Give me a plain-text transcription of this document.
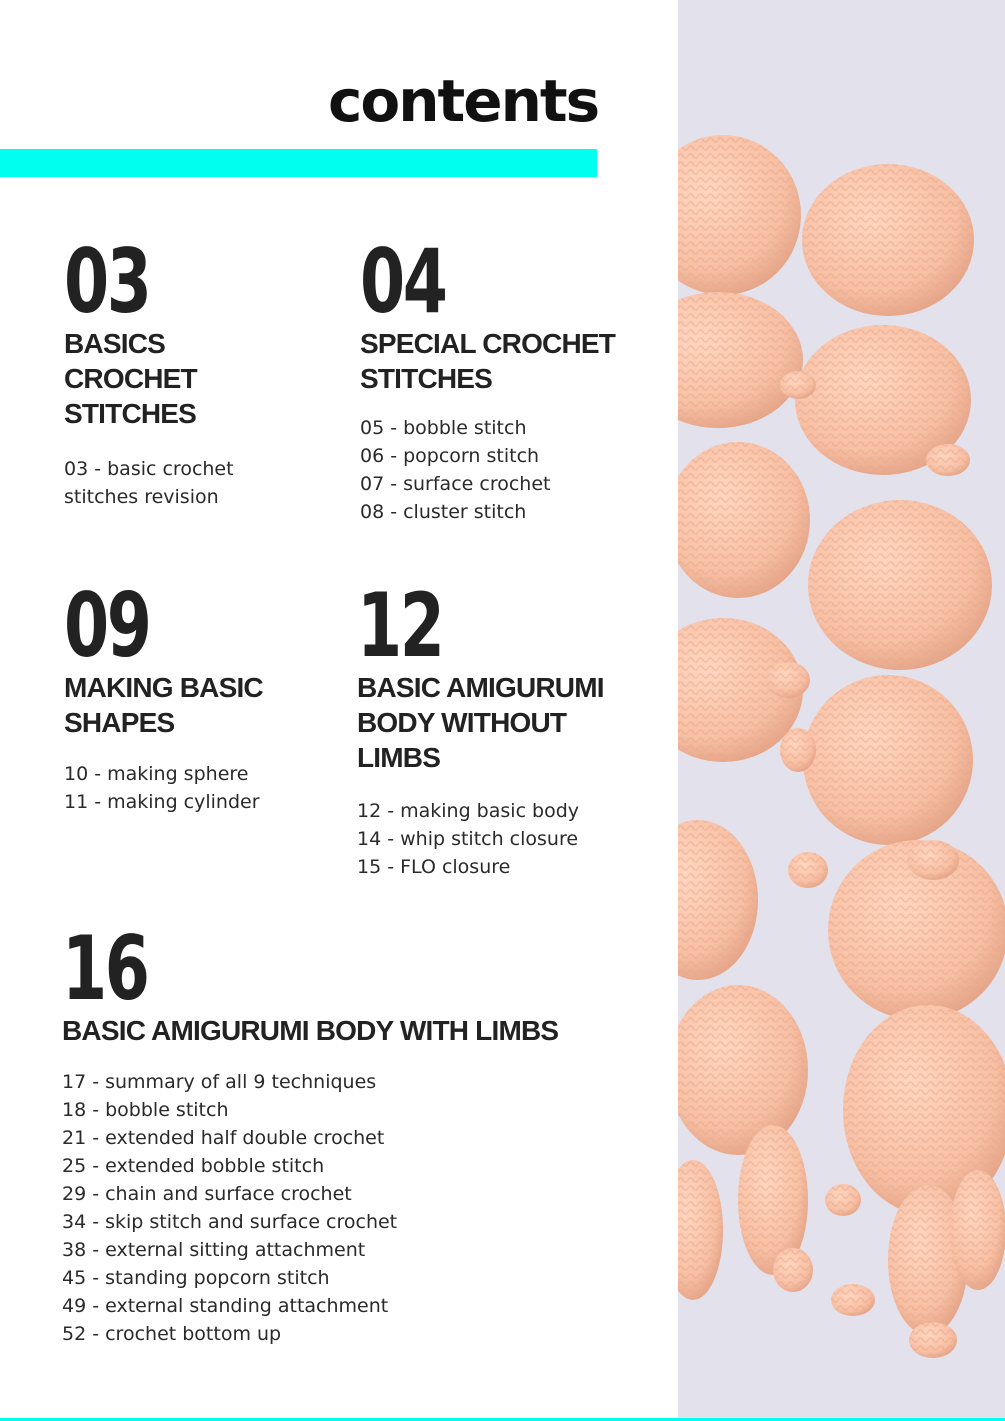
contents
03
BASICS CROCHET STITCHES
03 - basic crochet
stitches revision
04
SPECIAL CROCHET STITCHES
05 - bobble stitch
06 - popcorn stitch
07 - surface crochet
08 - cluster stitch
09
MAKING BASIC SHAPES
10 - making sphere
11 - making cylinder
12
BASIC AMIGURUMI BODY WITHOUT LIMBS
12 - making basic body
14 - whip stitch closure
15 - FLO closure
16
BASIC AMIGURUMI BODY WITH LIMBS
17 - summary of all 9 techniques
18 - bobble stitch
21 - extended half double crochet
25 - extended bobble stitch
29 - chain and surface crochet
34 - skip stitch and surface crochet
38 - external sitting attachment
45 - standing popcorn stitch
49 - external standing attachment
52 - crochet bottom up
